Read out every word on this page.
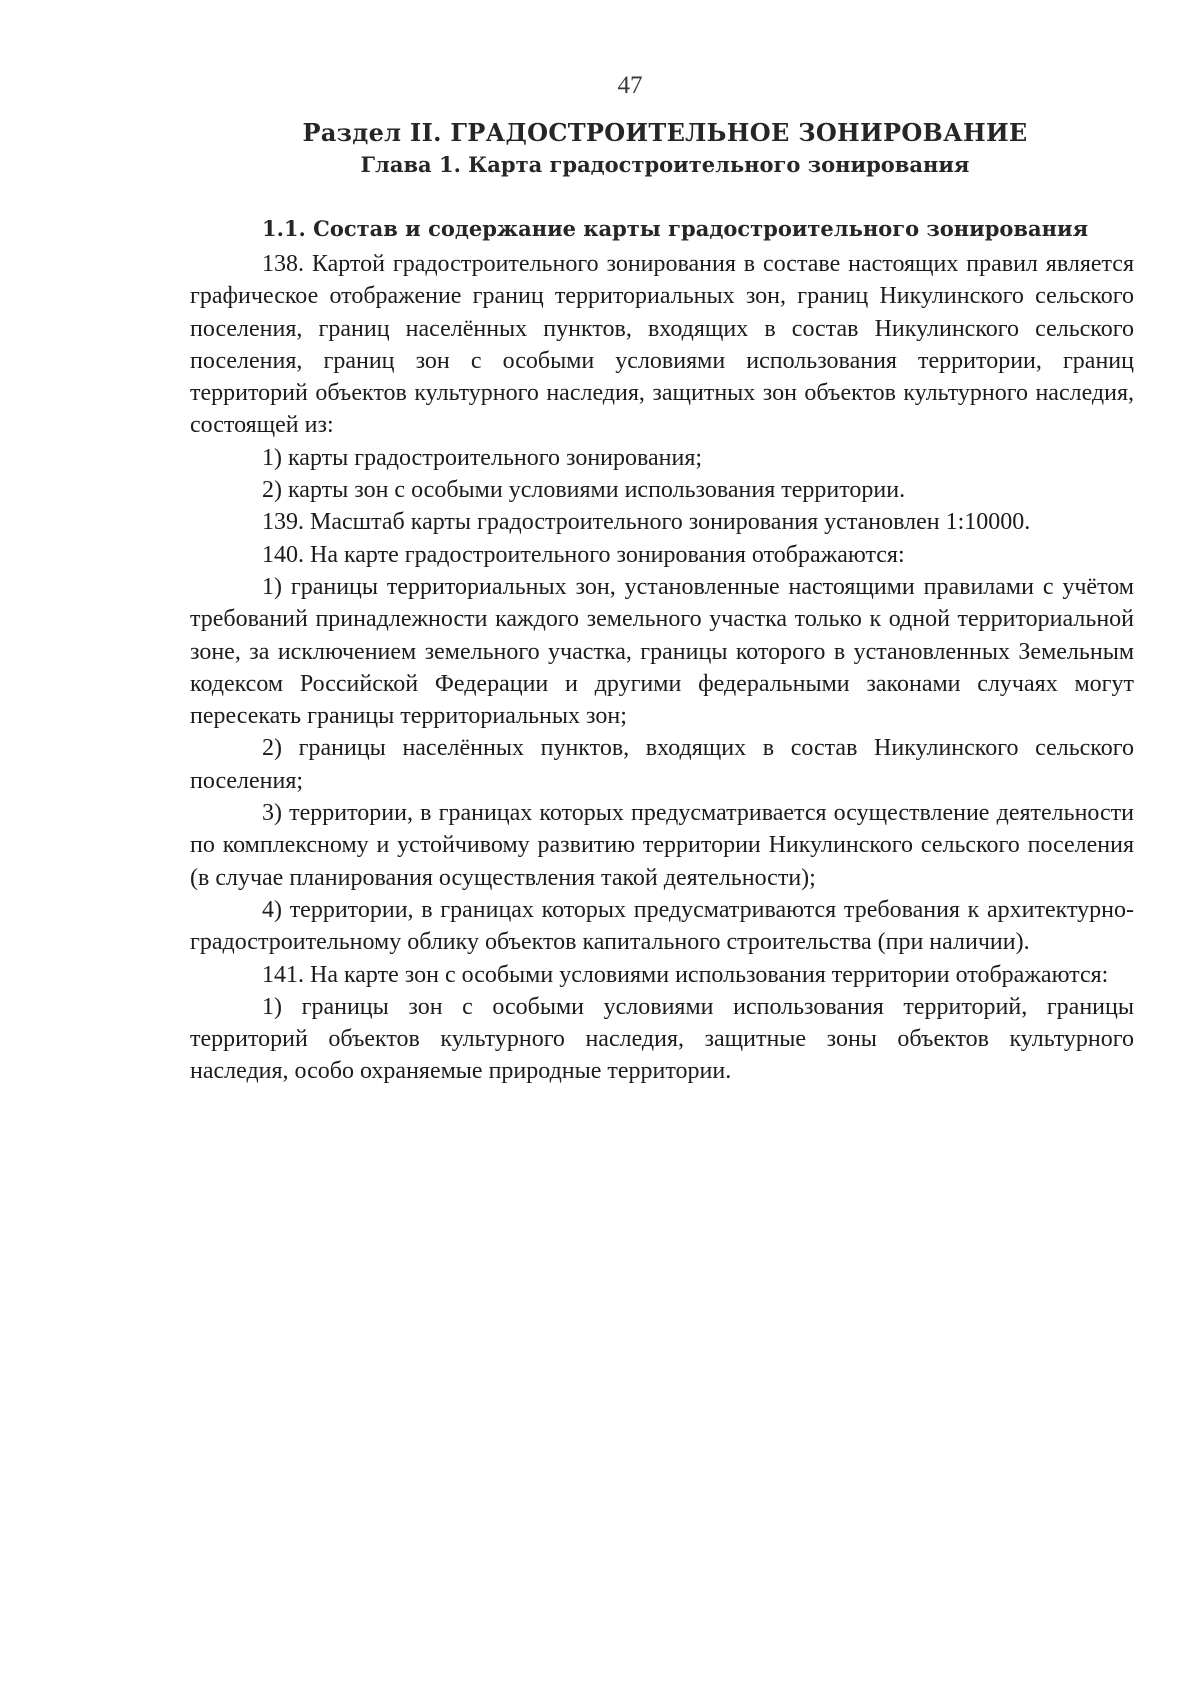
47
Раздел II. ГРАДОСТРОИТЕЛЬНОЕ ЗОНИРОВАНИЕ
Глава 1. Карта градостроительного зонирования
1.1. Состав и содержание карты градостроительного зонирования

138. Картой градостроительного зонирования в составе настоящих правил является графическое отображение границ территориальных зон, границ Никулинского сельского поселения, границ населённых пунктов, входящих в состав Никулинского сельского поселения, границ зон с особыми условиями использования территории, границ территорий объектов культурного наследия, защитных зон объектов культурного наследия, состоящей из:

1) карты градостроительного зонирования;

2) карты зон с особыми условиями использования территории.

139. Масштаб карты градостроительного зонирования установлен 1:10000.

140. На карте градостроительного зонирования отображаются:

1) границы территориальных зон, установленные настоящими правилами с учётом требований принадлежности каждого земельного участка только к одной территориальной зоне, за исключением земельного участка, границы которого в установленных Земельным кодексом Российской Федерации и другими федеральными законами случаях могут пересекать границы территориальных зон;

2) границы населённых пунктов, входящих в состав Никулинского сельского поселения;

3) территории, в границах которых предусматривается осуществление деятельности по комплексному и устойчивому развитию территории Никулинского сельского поселения (в случае планирования осуществления такой деятельности);

4) территории, в границах которых предусматриваются требования к архитектурно-градостроительному облику объектов капитального строительства (при наличии).

141. На карте зон с особыми условиями использования территории отображаются:

1) границы зон с особыми условиями использования территорий, границы территорий объектов культурного наследия, защитные зоны объектов культурного наследия, особо охраняемые природные территории.
